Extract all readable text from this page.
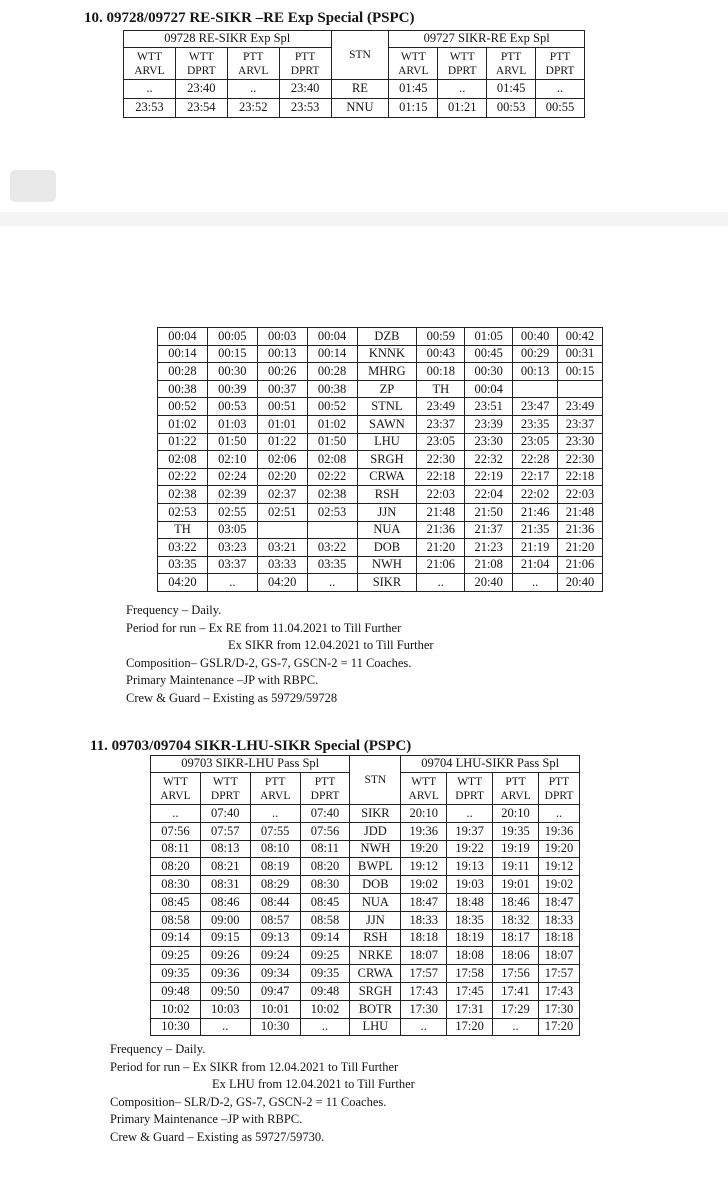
10. 09728/09727 RE-SIKR –RE Exp Special (PSPC)
09728 RE-SIKR Exp Spl				STN	09727 SIKR-RE Exp Spl			
WTT ARVL	WTT DPRT	PTT ARVL	PTT DPRT		WTT ARVL	WTT DPRT	PTT ARVL	PTT DPRT
..	23:40	..	23:40	RE	01:45	..	01:45	..
23:53	23:54	23:52	23:53	NNU	01:15	01:21	00:53	00:55
00:04	00:05	00:03	00:04	DZB	00:59	01:05	00:40	00:42
00:14	00:15	00:13	00:14	KNNK	00:43	00:45	00:29	00:31
00:28	00:30	00:26	00:28	MHRG	00:18	00:30	00:13	00:15
00:38	00:39	00:37	00:38	ZP	TH	00:04		
00:52	00:53	00:51	00:52	STNL	23:49	23:51	23:47	23:49
01:02	01:03	01:01	01:02	SAWN	23:37	23:39	23:35	23:37
01:22	01:50	01:22	01:50	LHU	23:05	23:30	23:05	23:30
02:08	02:10	02:06	02:08	SRGH	22:30	22:32	22:28	22:30
02:22	02:24	02:20	02:22	CRWA	22:18	22:19	22:17	22:18
02:38	02:39	02:37	02:38	RSH	22:03	22:04	22:02	22:03
02:53	02:55	02:51	02:53	JJN	21:48	21:50	21:46	21:48
TH	03:05			NUA	21:36	21:37	21:35	21:36
03:22	03:23	03:21	03:22	DOB	21:20	21:23	21:19	21:20
03:35	03:37	03:33	03:35	NWH	21:06	21:08	21:04	21:06
04:20	..	04:20	..	SIKR	..	20:40	..	20:40
Frequency – Daily.
Period for run – Ex RE from 11.04.2021 to Till Further
Ex SIKR from 12.04.2021 to Till Further
Composition– GSLR/D-2, GS-7, GSCN-2 = 11 Coaches.
Primary Maintenance –JP with RBPC.
Crew & Guard – Existing as 59729/59728
11. 09703/09704 SIKR-LHU-SIKR Special (PSPC)
09703 SIKR-LHU Pass Spl				STN	09704 LHU-SIKR Pass Spl			
WTT ARVL	WTT DPRT	PTT ARVL	PTT DPRT		WTT ARVL	WTT DPRT	PTT ARVL	PTT DPRT
..	07:40	..	07:40	SIKR	20:10	..	20:10	..
07:56	07:57	07:55	07:56	JDD	19:36	19:37	19:35	19:36
08:11	08:13	08:10	08:11	NWH	19:20	19:22	19:19	19:20
08:20	08:21	08:19	08:20	BWPL	19:12	19:13	19:11	19:12
08:30	08:31	08:29	08:30	DOB	19:02	19:03	19:01	19:02
08:45	08:46	08:44	08:45	NUA	18:47	18:48	18:46	18:47
08:58	09:00	08:57	08:58	JJN	18:33	18:35	18:32	18:33
09:14	09:15	09:13	09:14	RSH	18:18	18:19	18:17	18:18
09:25	09:26	09:24	09:25	NRKE	18:07	18:08	18:06	18:07
09:35	09:36	09:34	09:35	CRWA	17:57	17:58	17:56	17:57
09:48	09:50	09:47	09:48	SRGH	17:43	17:45	17:41	17:43
10:02	10:03	10:01	10:02	BOTR	17:30	17:31	17:29	17:30
10:30	..	10:30	..	LHU	..	17:20	..	17:20
Frequency – Daily.
Period for run – Ex SIKR from 12.04.2021 to Till Further
Ex LHU from 12.04.2021 to Till Further
Composition– SLR/D-2, GS-7, GSCN-2 = 11 Coaches.
Primary Maintenance –JP with RBPC.
Crew & Guard – Existing as 59727/59730.
